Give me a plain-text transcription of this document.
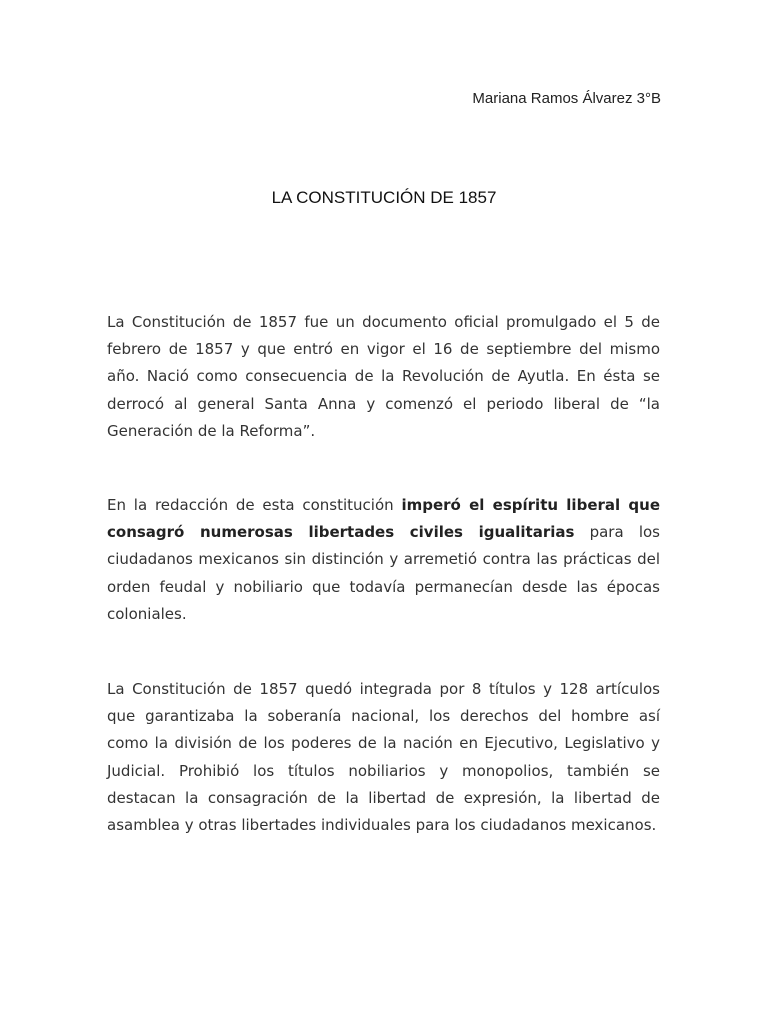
Mariana Ramos Álvarez 3°B
LA CONSTITUCIÓN DE 1857

La Constitución de 1857 fue un documento oficial promulgado el 5 de febrero de 1857 y que entró en vigor el 16 de septiembre del mismo año. Nació como consecuencia de la Revolución de Ayutla. En ésta se derrocó al general Santa Anna y comenzó el periodo liberal de “la Generación de la Reforma”.

En la redacción de esta constitución imperó el espíritu liberal que consagró numerosas libertades civiles igualitarias para los ciudadanos mexicanos sin distinción y arremetió contra las prácticas del orden feudal y nobiliario que todavía permanecían desde las épocas coloniales.

La Constitución de 1857 quedó integrada por 8 títulos y 128 artículos que garantizaba la soberanía nacional, los derechos del hombre así como la división de los poderes de la nación en Ejecutivo, Legislativo y Judicial. Prohibió los títulos nobiliarios y monopolios, también se destacan la consagración de la libertad de expresión, la libertad de asamblea y otras libertades individuales para los ciudadanos mexicanos.
